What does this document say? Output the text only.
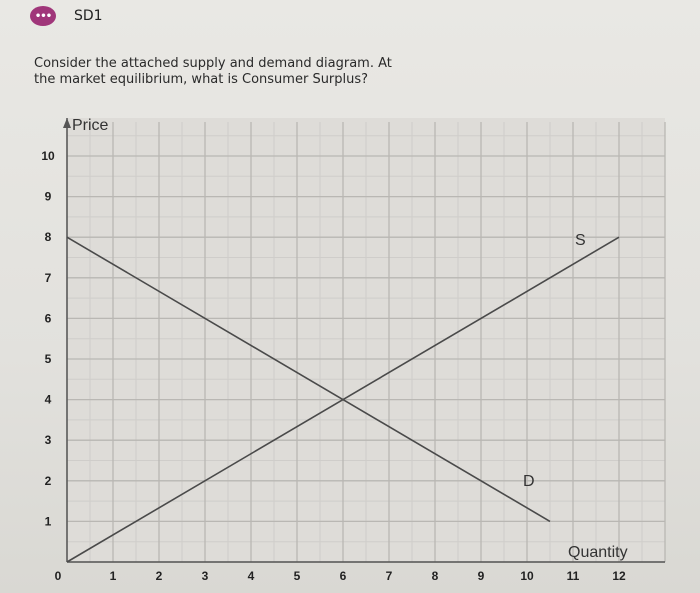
•••	SD1
Consider the attached supply and demand diagram. At the market equilibrium, what is Consumer Surplus?
1
2
3
4
5
6
7
8
9
10
0	1	2	3	4	5	6	7	8	9	10	11	12
Price
Quantity
S
D
